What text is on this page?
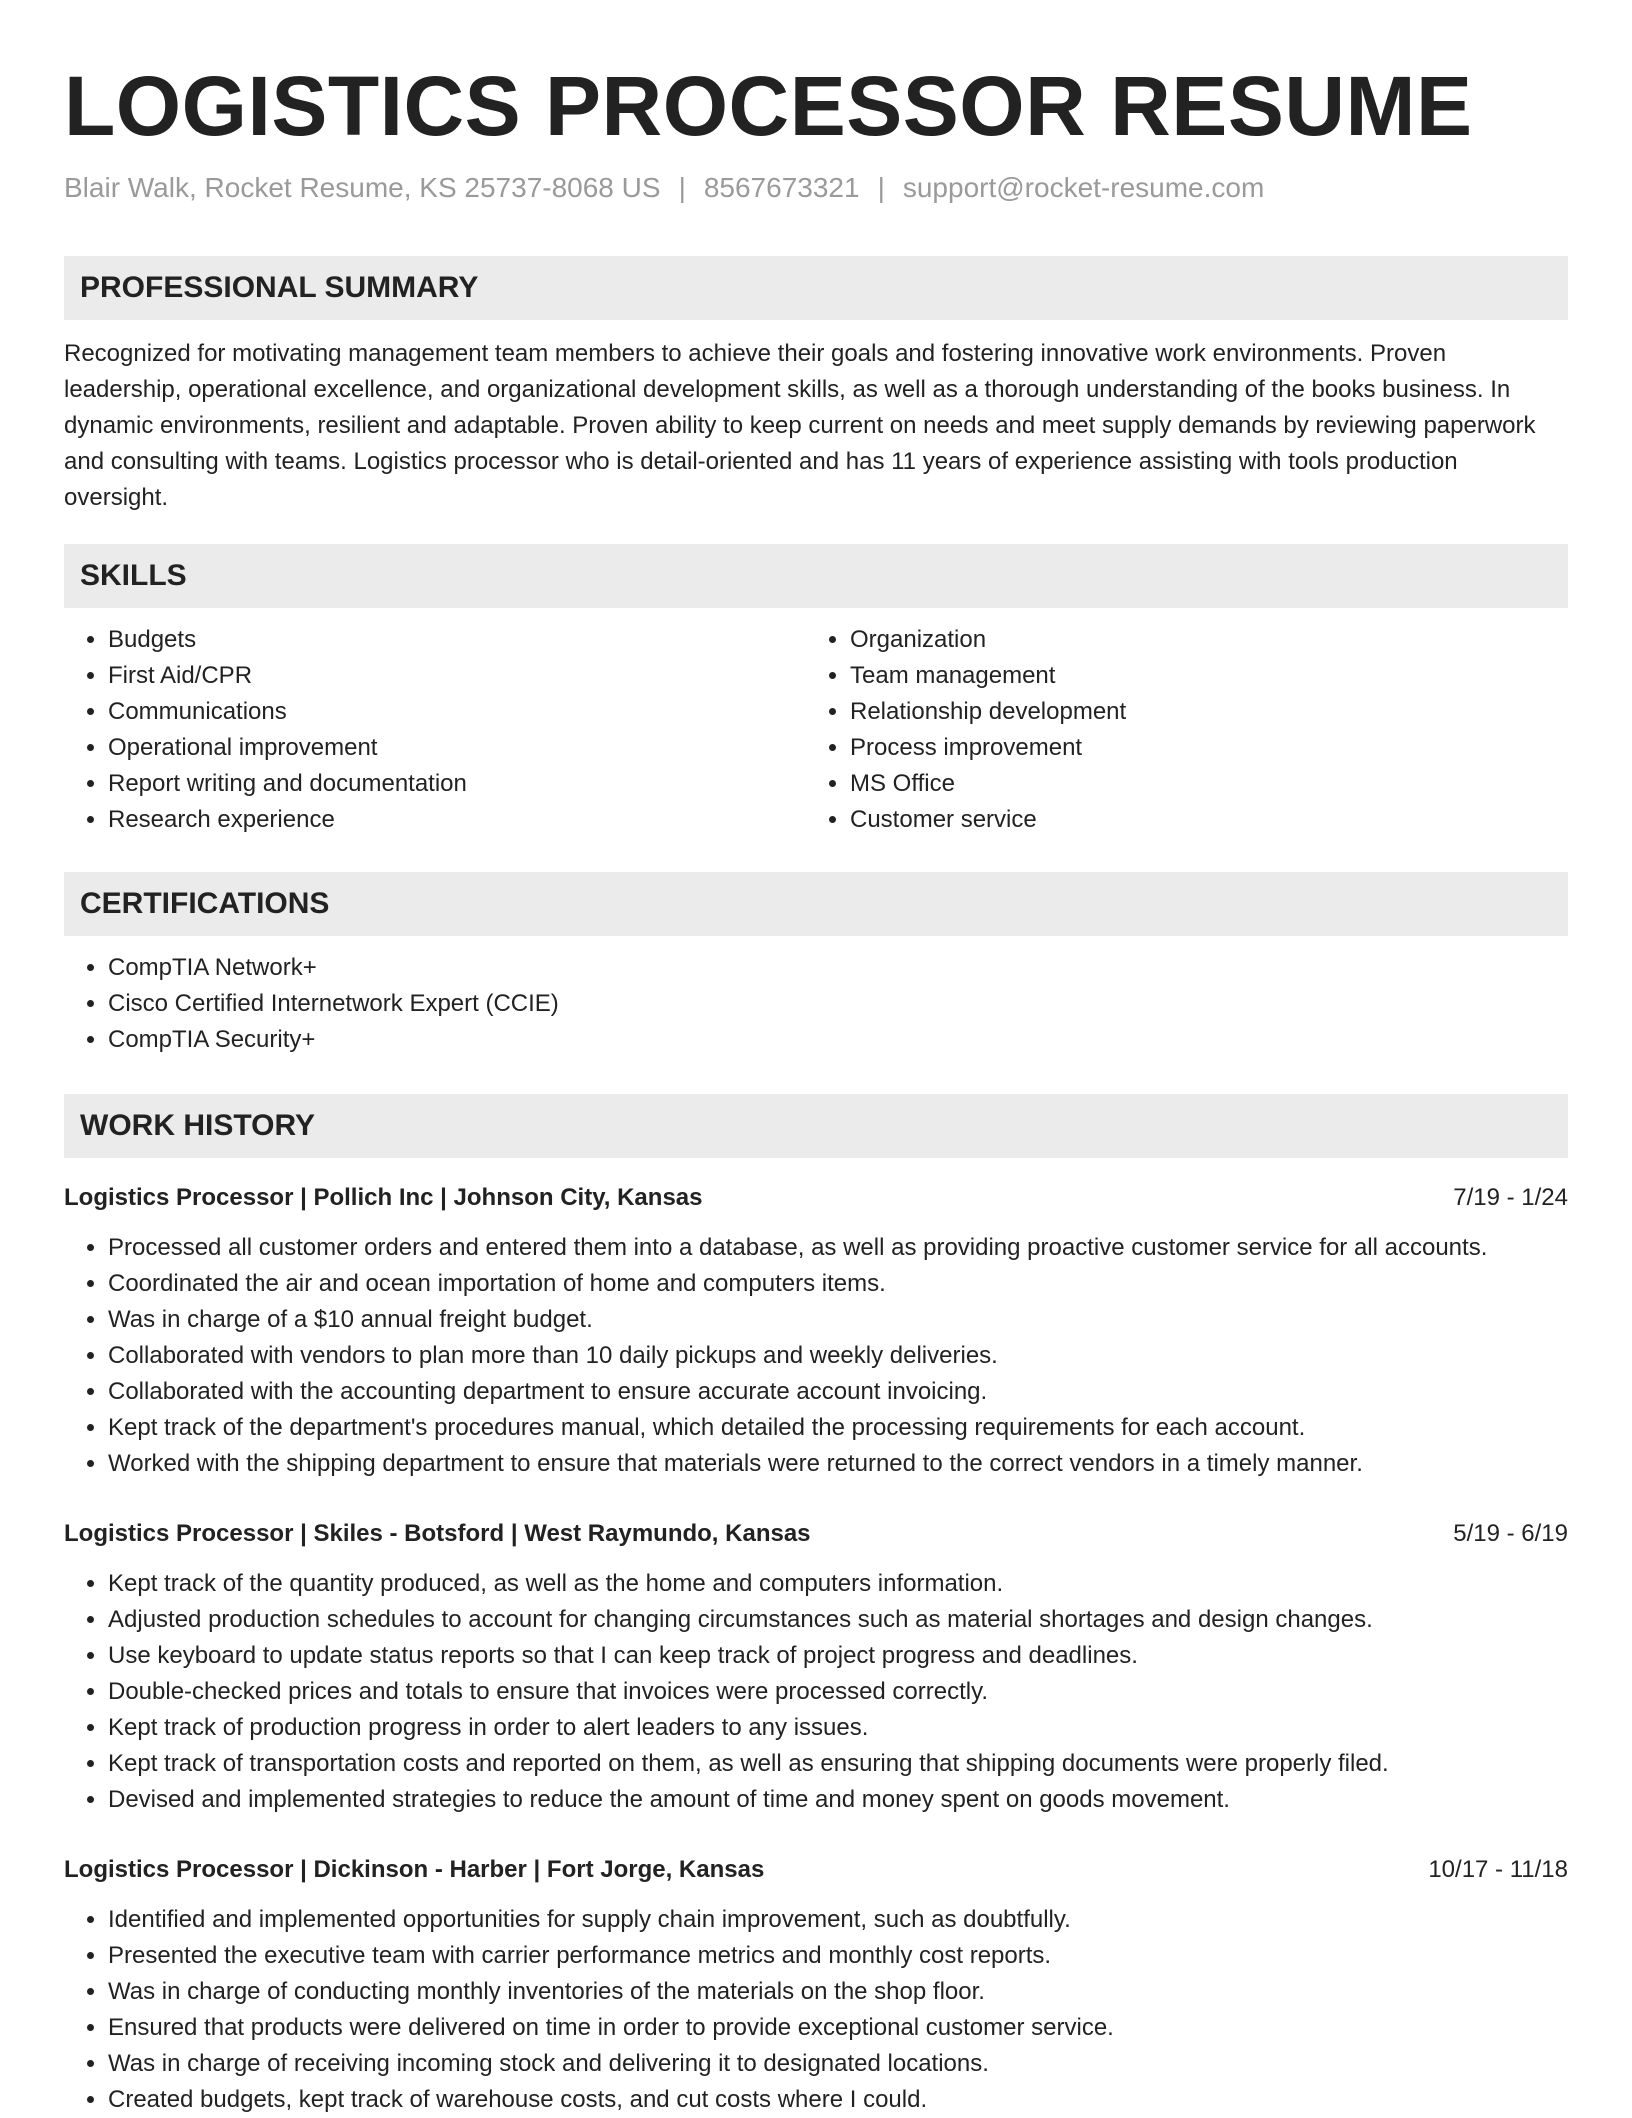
LOGISTICS PROCESSOR RESUME
Blair Walk, Rocket Resume, KS 25737-8068 US | 8567673321 | support@rocket-resume.com
PROFESSIONAL SUMMARY

Recognized for motivating management team members to achieve their goals and fostering innovative work environments. Proven leadership, operational excellence, and organizational development skills, as well as a thorough understanding of the books business. In dynamic environments, resilient and adaptable. Proven ability to keep current on needs and meet supply demands by reviewing paperwork and consulting with teams. Logistics processor who is detail-oriented and has 11 years of experience assisting with tools production oversight.

SKILLS
• Budgets
• First Aid/CPR
• Communications
• Operational improvement
• Report writing and documentation
• Research experience
• Organization
• Team management
• Relationship development
• Process improvement
• MS Office
• Customer service
CERTIFICATIONS
• CompTIA Network+
• Cisco Certified Internetwork Expert (CCIE)
• CompTIA Security+
WORK HISTORY
Logistics Processor | Pollich Inc | Johnson City, Kansas	7/19 - 1/24
• Processed all customer orders and entered them into a database, as well as providing proactive customer service for all accounts.
• Coordinated the air and ocean importation of home and computers items.
• Was in charge of a $10 annual freight budget.
• Collaborated with vendors to plan more than 10 daily pickups and weekly deliveries.
• Collaborated with the accounting department to ensure accurate account invoicing.
• Kept track of the department's procedures manual, which detailed the processing requirements for each account.
• Worked with the shipping department to ensure that materials were returned to the correct vendors in a timely manner.
Logistics Processor | Skiles - Botsford | West Raymundo, Kansas	5/19 - 6/19
• Kept track of the quantity produced, as well as the home and computers information.
• Adjusted production schedules to account for changing circumstances such as material shortages and design changes.
• Use keyboard to update status reports so that I can keep track of project progress and deadlines.
• Double-checked prices and totals to ensure that invoices were processed correctly.
• Kept track of production progress in order to alert leaders to any issues.
• Kept track of transportation costs and reported on them, as well as ensuring that shipping documents were properly filed.
• Devised and implemented strategies to reduce the amount of time and money spent on goods movement.
Logistics Processor | Dickinson - Harber | Fort Jorge, Kansas	10/17 - 11/18
• Identified and implemented opportunities for supply chain improvement, such as doubtfully.
• Presented the executive team with carrier performance metrics and monthly cost reports.
• Was in charge of conducting monthly inventories of the materials on the shop floor.
• Ensured that products were delivered on time in order to provide exceptional customer service.
• Was in charge of receiving incoming stock and delivering it to designated locations.
• Created budgets, kept track of warehouse costs, and cut costs where I could.
